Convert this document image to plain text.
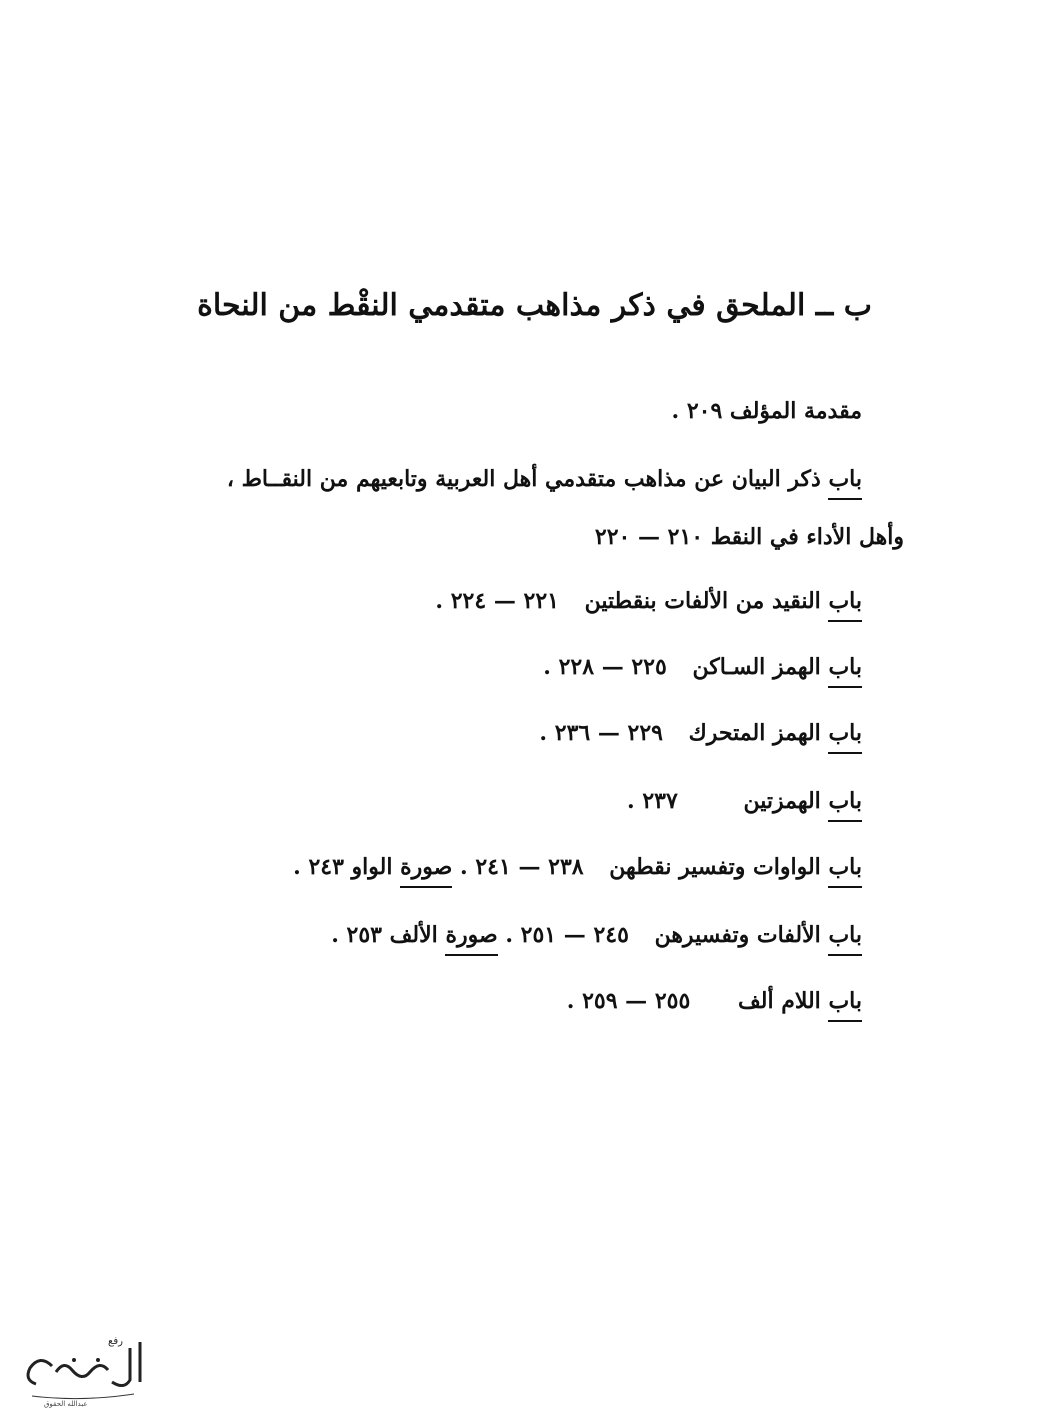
ب ــ الملحق في ذكر مذاهب متقدمي النقْط من النحاة
مقدمة المؤلف ٢٠٩ .
باب ذكر البيان عن مذاهب متقدمي أهل العربية وتابعيهم من النقــاط ،
وأهل الأداء في النقط ٢١٠ — ٢٢٠
باب النقيد من الألفات بنقطتين ٢٢١ — ٢٢٤ .
باب الهمز السـاكن ٢٢٥ — ٢٢٨ .
باب الهمز المتحرك ٢٢٩ — ٢٣٦ .
باب الهمزتين ٢٣٧ .
باب الواوات وتفسير نقطهن ٢٣٨ — ٢٤١ . صورة الواو ٢٤٣ .
باب الألفات وتفسيرهن ٢٤٥ — ٢٥١ . صورة الألف ٢٥٣ .
باب اللام ألف ٢٥٥ — ٢٥٩ .
رفع
عبدالله الحقوق
